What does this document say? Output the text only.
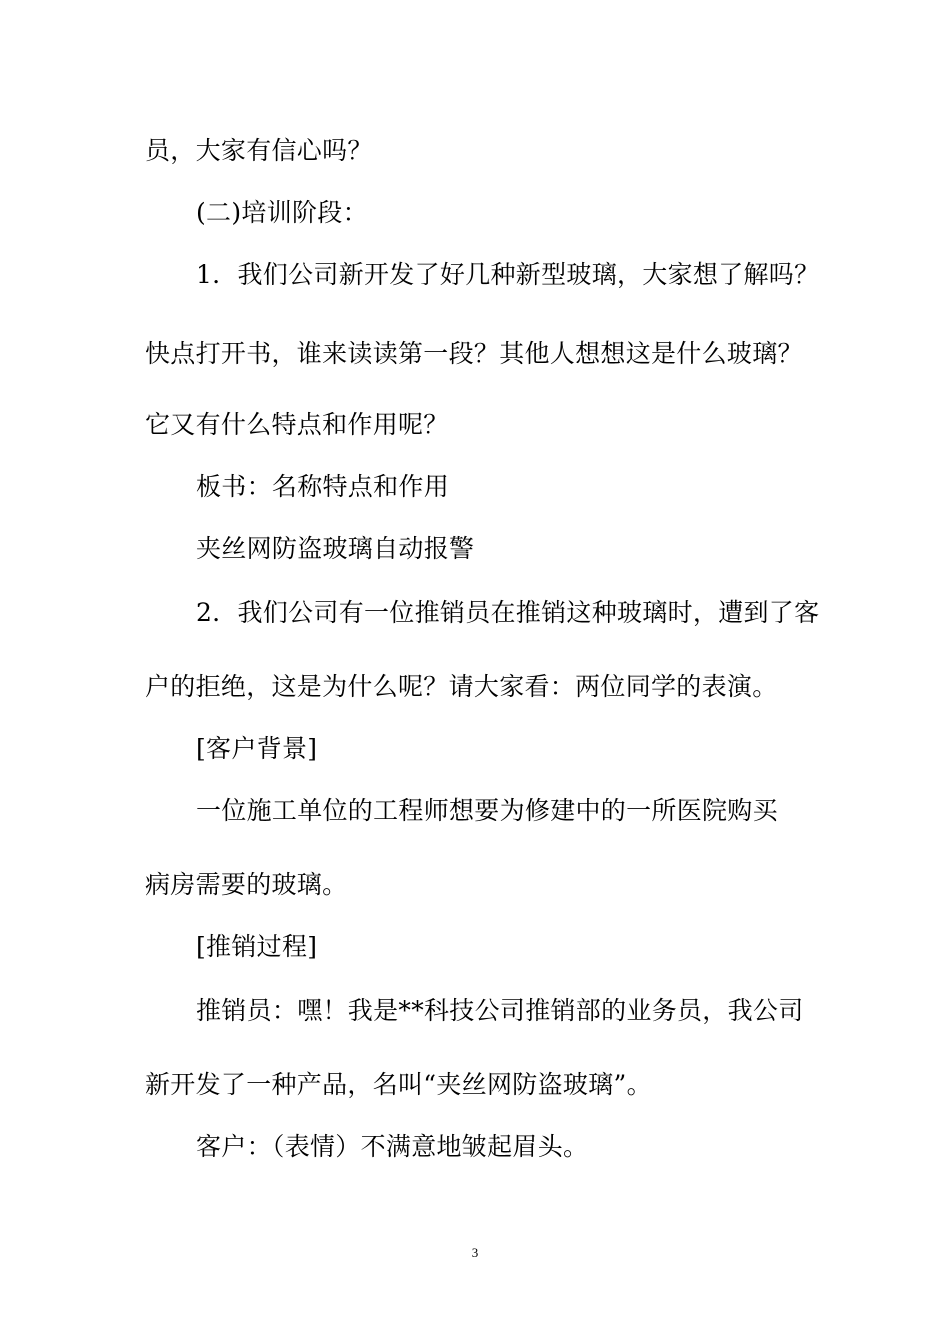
员，大家有信心吗？
(二)培训阶段：
1．我们公司新开发了好几种新型玻璃，大家想了解吗？
快点打开书，谁来读读第一段？其他人想想这是什么玻璃？
它又有什么特点和作用呢？
板书：名称特点和作用
夹丝网防盗玻璃自动报警
2．我们公司有一位推销员在推销这种玻璃时，遭到了客
户的拒绝，这是为什么呢？请大家看：两位同学的表演。
[客户背景]
一位施工单位的工程师想要为修建中的一所医院购买
病房需要的玻璃。
[推销过程]
推销员：嘿！我是**科技公司推销部的业务员，我公司
新开发了一种产品，名叫“夹丝网防盗玻璃”。
客户：（表情）不满意地皱起眉头。
3
